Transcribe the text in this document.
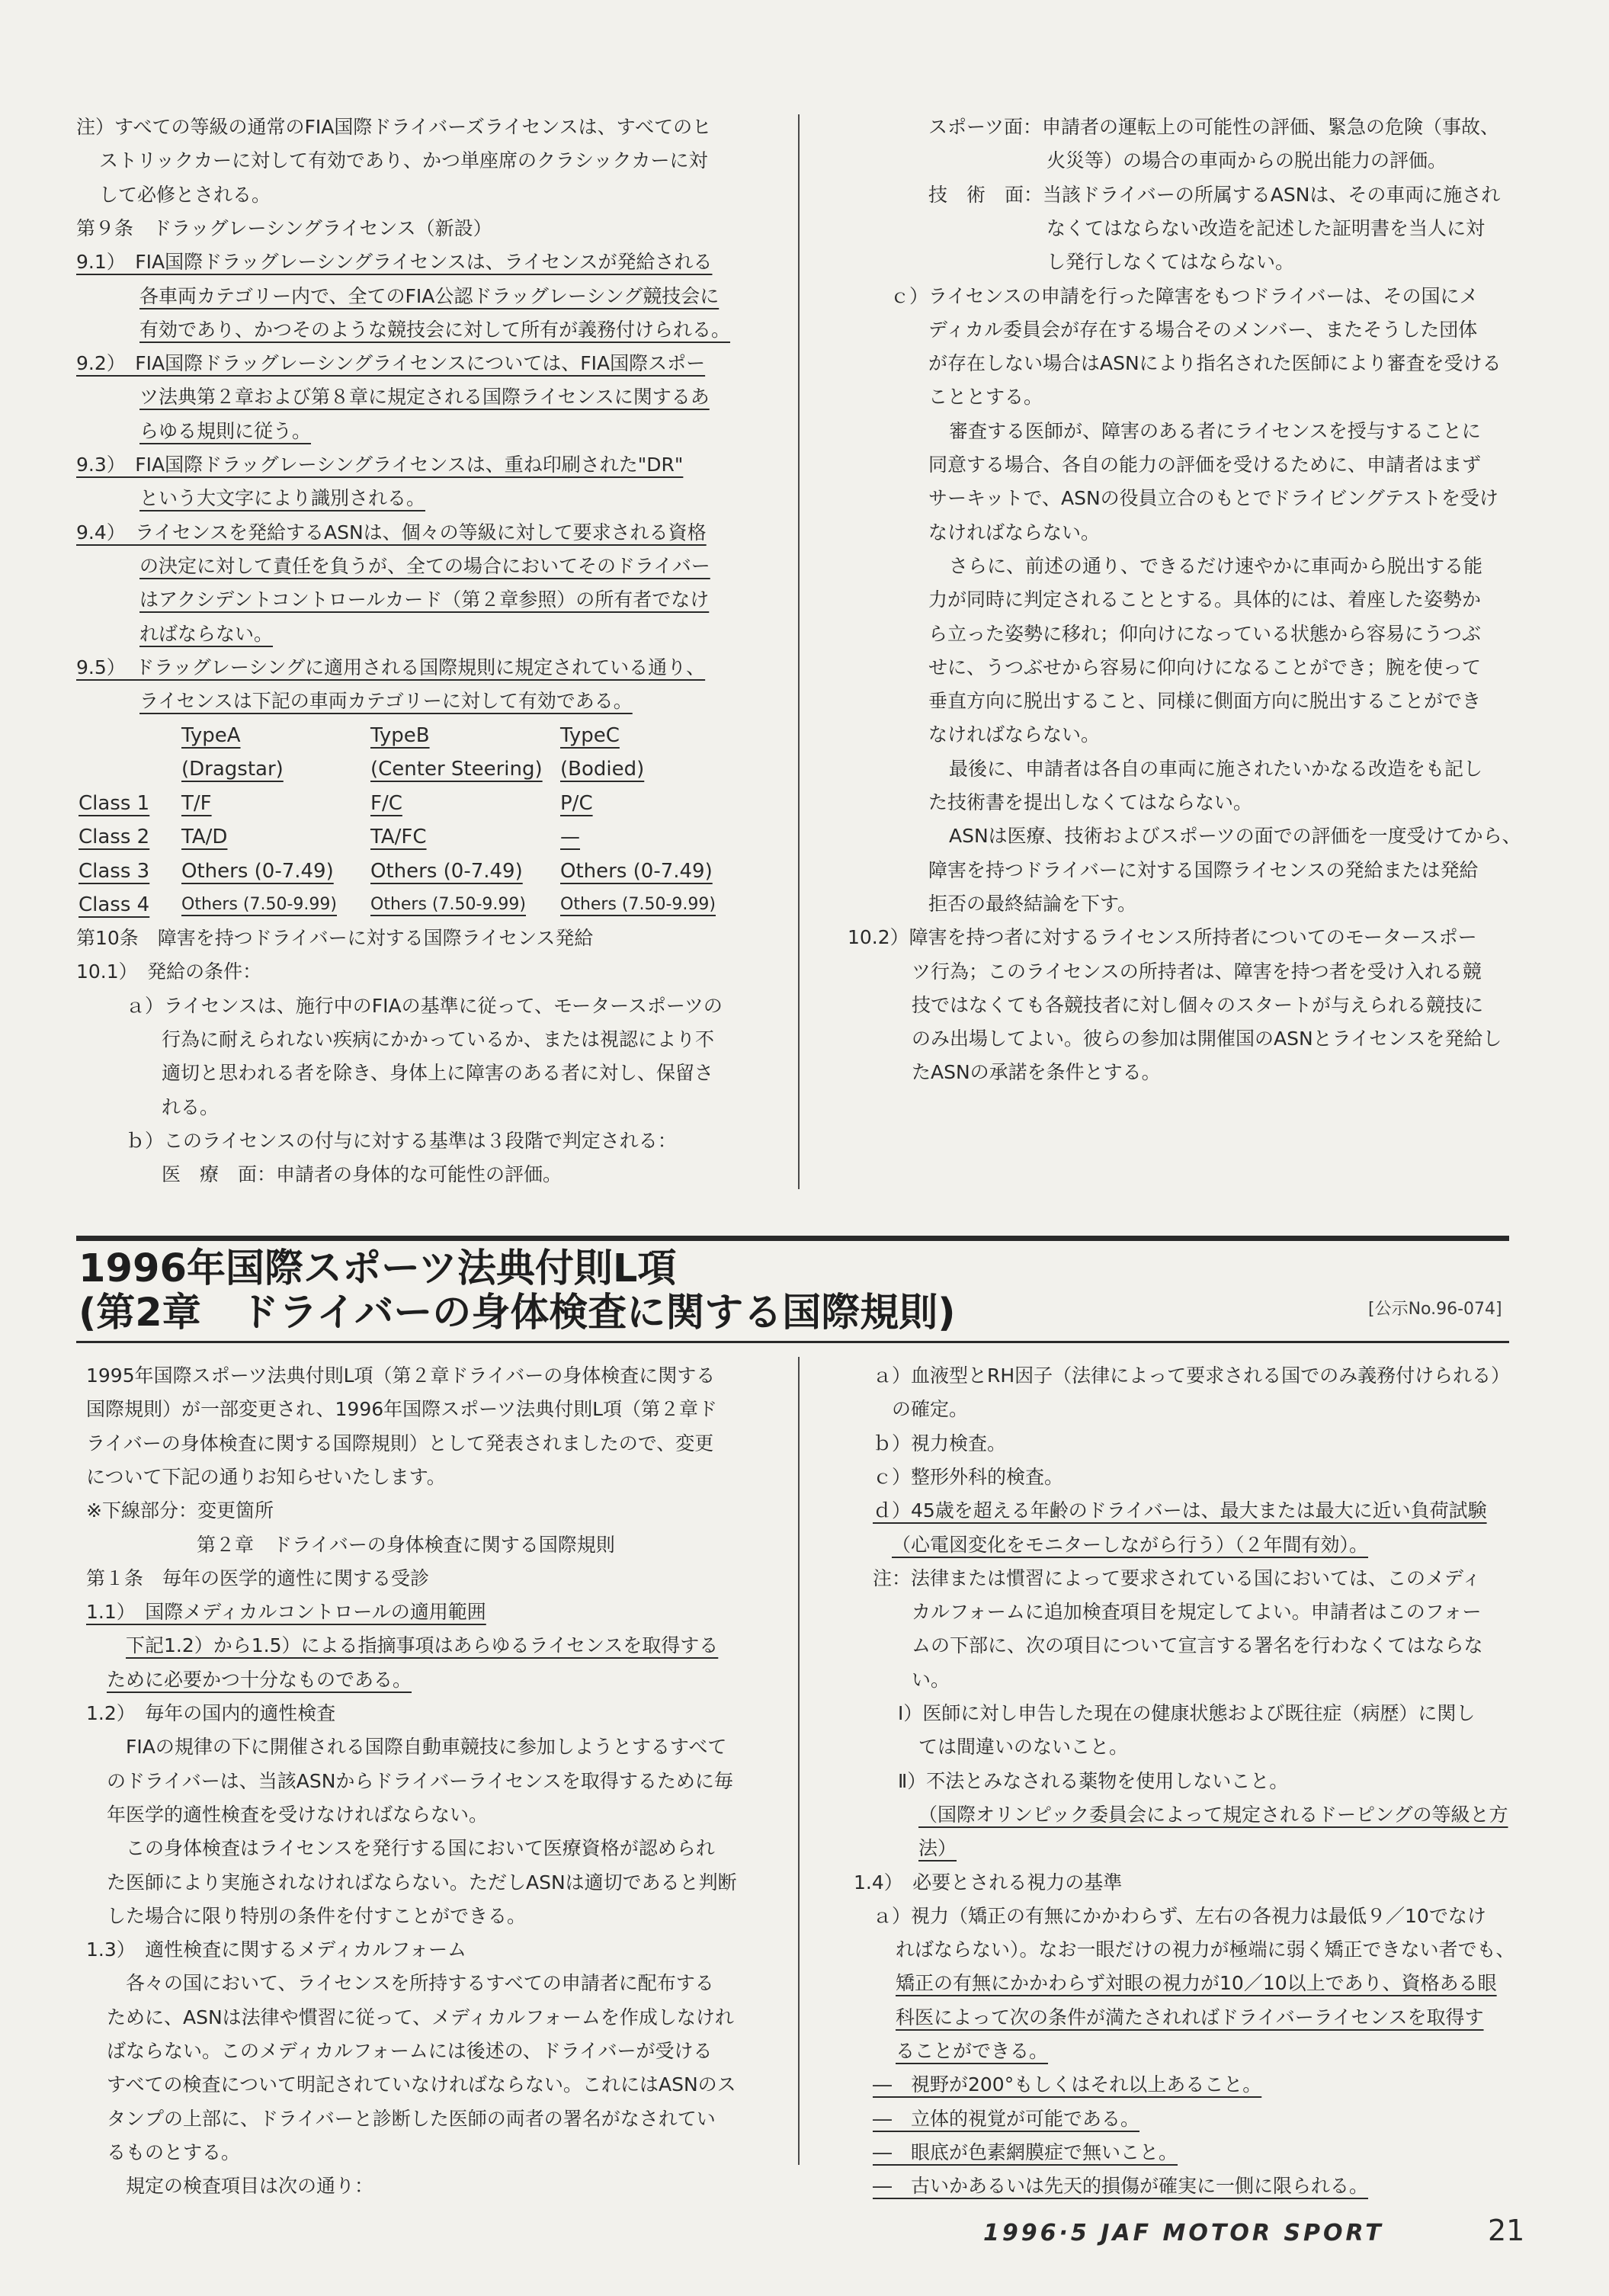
注）すべての等級の通常のFIA国際ドライバーズライセンスは、すべてのヒ
ストリックカーに対して有効であり、かつ単座席のクラシックカーに対
して必修とされる。
第９条　ドラッグレーシングライセンス（新設）
9.1）　FIA国際ドラッグレーシングライセンスは、ライセンスが発給される
各車両カテゴリー内で、全てのFIA公認ドラッグレーシング競技会に
有効であり、かつそのような競技会に対して所有が義務付けられる。
9.2）　FIA国際ドラッグレーシングライセンスについては、FIA国際スポー
ツ法典第２章および第８章に規定される国際ライセンスに関するあ
らゆる規則に従う。
9.3）　FIA国際ドラッグレーシングライセンスは、重ね印刷された"DR"
という大文字により識別される。
9.4）　ライセンスを発給するASNは、個々の等級に対して要求される資格
の決定に対して責任を負うが、全ての場合においてそのドライバー
はアクシデントコントロールカード（第２章参照）の所有者でなけ
ればならない。
9.5）　ドラッグレーシングに適用される国際規則に規定されている通り、
ライセンスは下記の車両カテゴリーに対して有効である。
TypeA	TypeB	TypeC
(Dragstar)	(Center Steering) (Bodied)
Class 1 T/F	F/C	P/C
Class 2 TA/D	TA/FC	—
Class 3 Others (0-7.49) Others (0-7.49) Others (0-7.49)
Class 4 Others (7.50-9.99) Others (7.50-9.99) Others (7.50-9.99)
第10条　障害を持つドライバーに対する国際ライセンス発給
10.1）　発給の条件：
ａ）ライセンスは、施行中のFIAの基準に従って、モータースポーツの
行為に耐えられない疾病にかかっているか、または視認により不
適切と思われる者を除き、身体上に障害のある者に対し、保留さ
れる。
ｂ）このライセンスの付与に対する基準は３段階で判定される：
医　療　面：申請者の身体的な可能性の評価。
スポーツ面：申請者の運転上の可能性の評価、緊急の危険（事故、
火災等）の場合の車両からの脱出能力の評価。
技　術　面：当該ドライバーの所属するASNは、その車両に施され
なくてはならない改造を記述した証明書を当人に対
し発行しなくてはならない。
ｃ）ライセンスの申請を行った障害をもつドライバーは、その国にメ
ディカル委員会が存在する場合そのメンバー、またそうした団体
が存在しない場合はASNにより指名された医師により審査を受ける
こととする。
審査する医師が、障害のある者にライセンスを授与することに
同意する場合、各自の能力の評価を受けるために、申請者はまず
サーキットで、ASNの役員立合のもとでドライビングテストを受け
なければならない。
さらに、前述の通り、できるだけ速やかに車両から脱出する能
力が同時に判定されることとする。具体的には、着座した姿勢か
ら立った姿勢に移れ；仰向けになっている状態から容易にうつぶ
せに、うつぶせから容易に仰向けになることができ；腕を使って
垂直方向に脱出すること、同様に側面方向に脱出することができ
なければならない。
最後に、申請者は各自の車両に施されたいかなる改造をも記し
た技術書を提出しなくてはならない。
ASNは医療、技術およびスポーツの面での評価を一度受けてから、
障害を持つドライバーに対する国際ライセンスの発給または発給
拒否の最終結論を下す。
10.2）障害を持つ者に対するライセンス所持者についてのモータースポー
ツ行為；このライセンスの所持者は、障害を持つ者を受け入れる競
技ではなくても各競技者に対し個々のスタートが与えられる競技に
のみ出場してよい。彼らの参加は開催国のASNとライセンスを発給し
たASNの承諾を条件とする。
1996年国際スポーツ法典付則L項
(第2章　ドライバーの身体検査に関する国際規則)	[公示No.96-074]
1995年国際スポーツ法典付則L項（第２章ドライバーの身体検査に関する
国際規則）が一部変更され、1996年国際スポーツ法典付則L項（第２章ド
ライバーの身体検査に関する国際規則）として発表されましたので、変更
について下記の通りお知らせいたします。
※下線部分：変更箇所
第２章　ドライバーの身体検査に関する国際規則
第１条　毎年の医学的適性に関する受診
1.1）　国際メディカルコントロールの適用範囲
下記1.2）から1.5）による指摘事項はあらゆるライセンスを取得する
ために必要かつ十分なものである。
1.2）　毎年の国内的適性検査
FIAの規律の下に開催される国際自動車競技に参加しようとするすべて
のドライバーは、当該ASNからドライバーライセンスを取得するために毎
年医学的適性検査を受けなければならない。
この身体検査はライセンスを発行する国において医療資格が認められ
た医師により実施されなければならない。ただしASNは適切であると判断
した場合に限り特別の条件を付すことができる。
1.3）　適性検査に関するメディカルフォーム
各々の国において、ライセンスを所持するすべての申請者に配布する
ために、ASNは法律や慣習に従って、メディカルフォームを作成しなけれ
ばならない。このメディカルフォームには後述の、ドライバーが受ける
すべての検査について明記されていなければならない。これにはASNのス
タンプの上部に、ドライバーと診断した医師の両者の署名がなされてい
るものとする。
規定の検査項目は次の通り：
ａ）血液型とRH因子（法律によって要求される国でのみ義務付けられる）
の確定。
ｂ）視力検査。
ｃ）整形外科的検査。
ｄ）45歳を超える年齢のドライバーは、最大または最大に近い負荷試験
（心電図変化をモニターしながら行う）（２年間有効）。
注：法律または慣習によって要求されている国においては、このメディ
カルフォームに追加検査項目を規定してよい。申請者はこのフォー
ムの下部に、次の項目について宣言する署名を行わなくてはならな
い。
Ⅰ）医師に対し申告した現在の健康状態および既往症（病歴）に関し
ては間違いのないこと。
Ⅱ）不法とみなされる薬物を使用しないこと。
（国際オリンピック委員会によって規定されるドーピングの等級と方
法）
1.4）　必要とされる視力の基準
ａ）視力（矯正の有無にかかわらず、左右の各視力は最低９／10でなけ
ればならない）。なお一眼だけの視力が極端に弱く矯正できない者でも、
矯正の有無にかかわらず対眼の視力が10／10以上であり、資格ある眼
科医によって次の条件が満たされればドライバーライセンスを取得す
ることができる。
―　視野が200°もしくはそれ以上あること。
―　立体的視覚が可能である。
―　眼底が色素網膜症で無いこと。
―　古いかあるいは先天的損傷が確実に一側に限られる。
1996·5 JAF MOTOR SPORT	21
